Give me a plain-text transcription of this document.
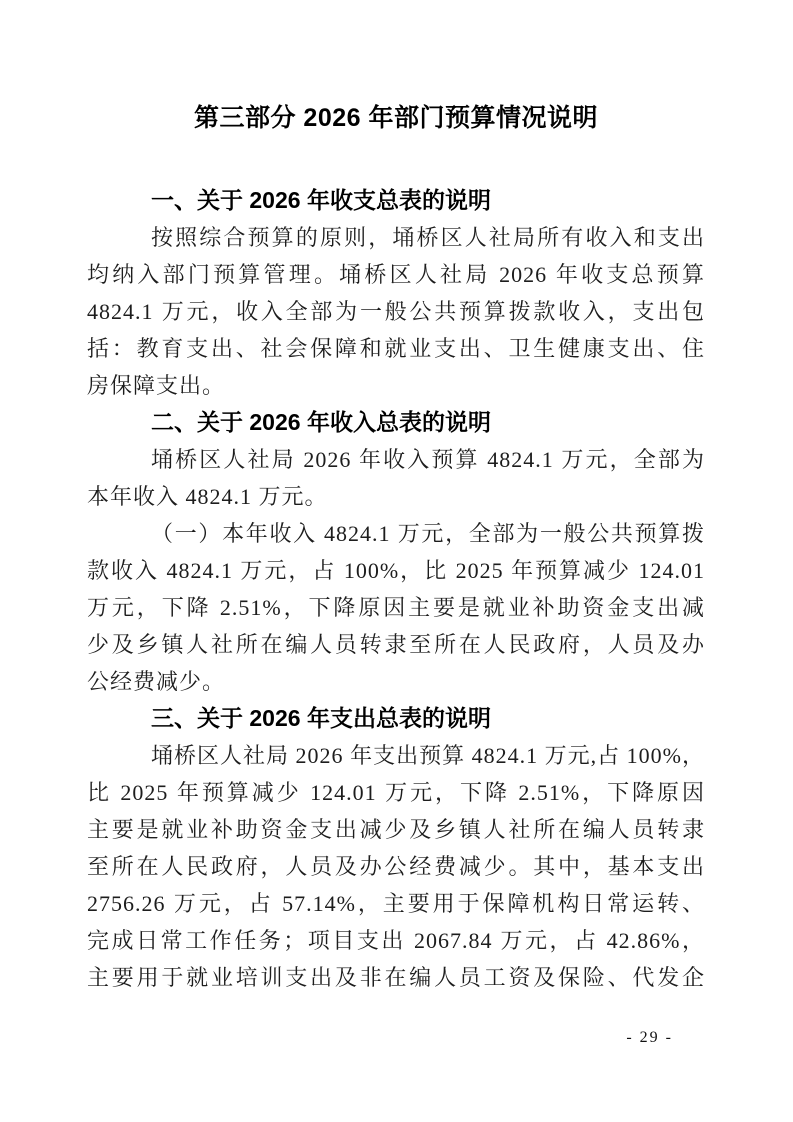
第三部分 2026 年部门预算情况说明
一、关于 2026 年收支总表的说明
按照综合预算的原则，埇桥区人社局所有收入和支出
均纳入部门预算管理。埇桥区人社局 2026 年收支总预算
4824.1 万元，收入全部为一般公共预算拨款收入，支出包
括：教育支出、社会保障和就业支出、卫生健康支出、住
房保障支出。
二、关于 2026 年收入总表的说明
埇桥区人社局 2026 年收入预算 4824.1 万元，全部为
本年收入 4824.1 万元。
（一）本年收入 4824.1 万元，全部为一般公共预算拨
款收入 4824.1 万元，占 100%，比 2025 年预算减少 124.01
万元，下降 2.51%，下降原因主要是就业补助资金支出减
少及乡镇人社所在编人员转隶至所在人民政府，人员及办
公经费减少。
三、关于 2026 年支出总表的说明
埇桥区人社局 2026 年支出预算 4824.1 万元,占 100%，
比 2025 年预算减少 124.01 万元，下降 2.51%，下降原因
主要是就业补助资金支出减少及乡镇人社所在编人员转隶
至所在人民政府，人员及办公经费减少。其中，基本支出
2756.26 万元，占 57.14%，主要用于保障机构日常运转、
完成日常工作任务；项目支出 2067.84 万元，占 42.86%，
主要用于就业培训支出及非在编人员工资及保险、代发企
- 29 -
